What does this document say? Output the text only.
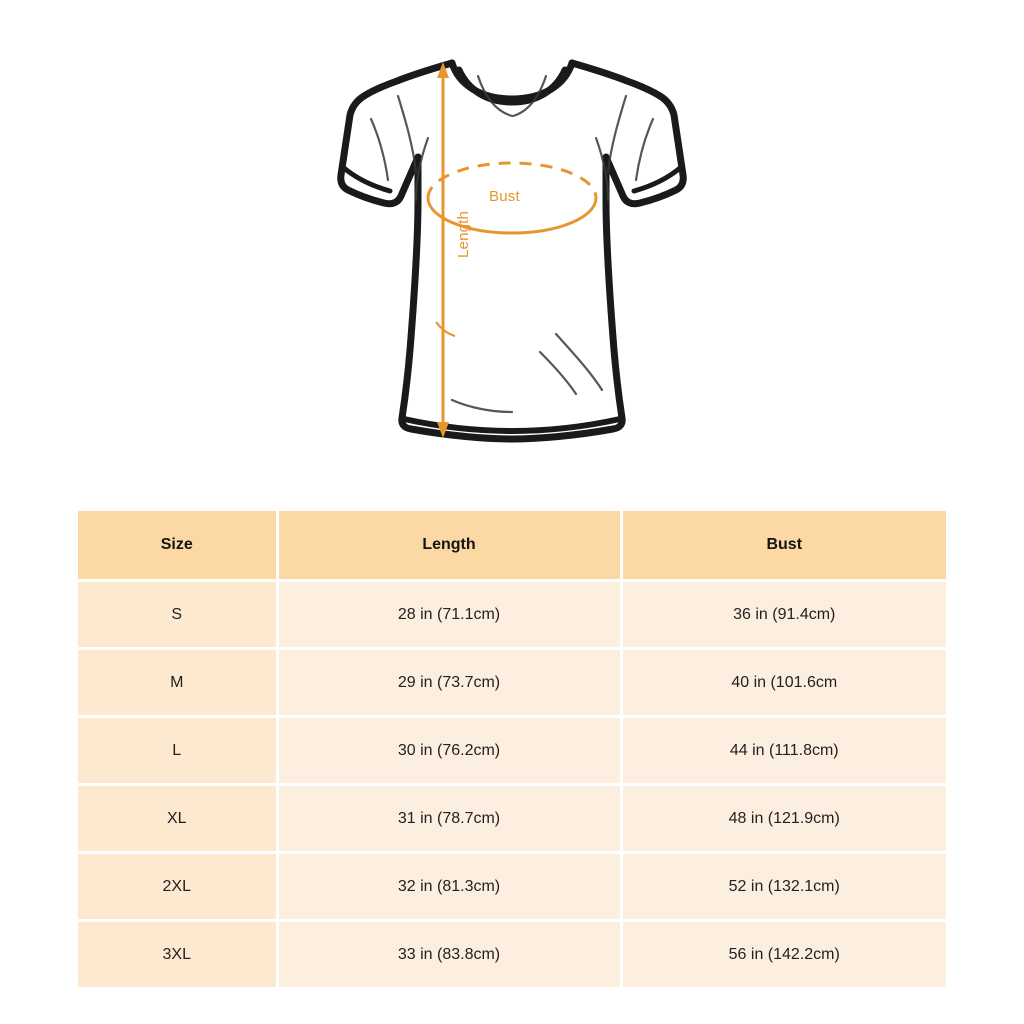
Bust
Length
Size	Length	Bust
S	28 in (71.1cm)	36 in (91.4cm)
M	29 in (73.7cm)	40 in (101.6cm
L	30 in (76.2cm)	44 in (111.8cm)
XL	31 in (78.7cm)	48 in (121.9cm)
2XL	32 in (81.3cm)	52 in (132.1cm)
3XL	33 in (83.8cm)	56 in (142.2cm)
